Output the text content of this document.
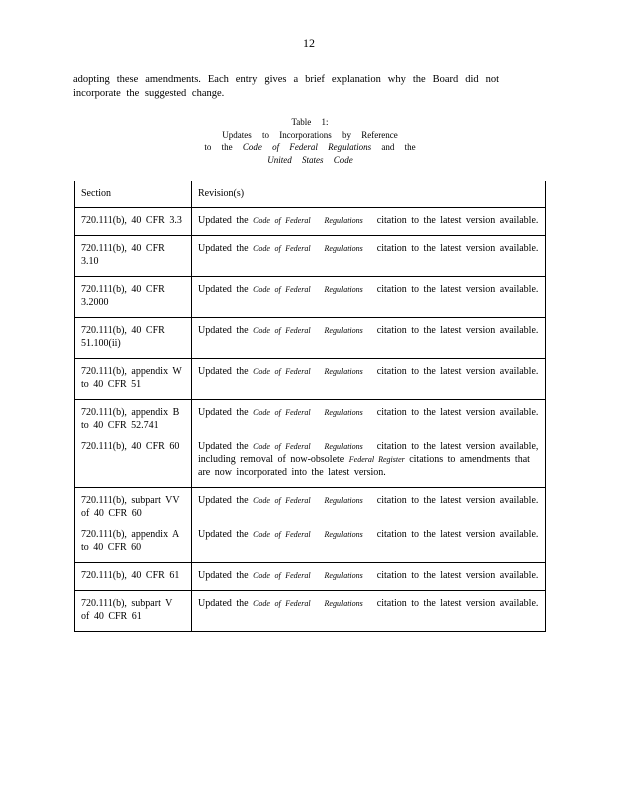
12

adopting these amendments. Each entry gives a brief explanation why the Board did not incorporate the suggested change.

Table 1:
Updates to Incorporations by Reference
to the Code of Federal Regulations and the
United States Code
Section	Revision(s)
720.111(b), 40 CFR 3.3	Updated the Code of Federal Regulations citation to the latest version available.
720.111(b), 40 CFR 3.10	Updated the Code of Federal Regulations citation to the latest version available.
720.111(b), 40 CFR 3.2000	Updated the Code of Federal Regulations citation to the latest version available.
720.111(b), 40 CFR 51.100(ii)	Updated the Code of Federal Regulations citation to the latest version available.
720.111(b), appendix W to 40 CFR 51	Updated the Code of Federal Regulations citation to the latest version available.
720.111(b), appendix B to 40 CFR 52.741	Updated the Code of Federal Regulations citation to the latest version available.
720.111(b), 40 CFR 60	Updated the Code of Federal Regulations citation to the latest version available, including removal of now-obsolete Federal Register citations to amendments that are now incorporated into the latest version.
720.111(b), subpart VV of 40 CFR 60	Updated the Code of Federal Regulations citation to the latest version available.
720.111(b), appendix A to 40 CFR 60	Updated the Code of Federal Regulations citation to the latest version available.
720.111(b), 40 CFR 61	Updated the Code of Federal Regulations citation to the latest version available.
720.111(b), subpart V of 40 CFR 61	Updated the Code of Federal Regulations citation to the latest version available.
